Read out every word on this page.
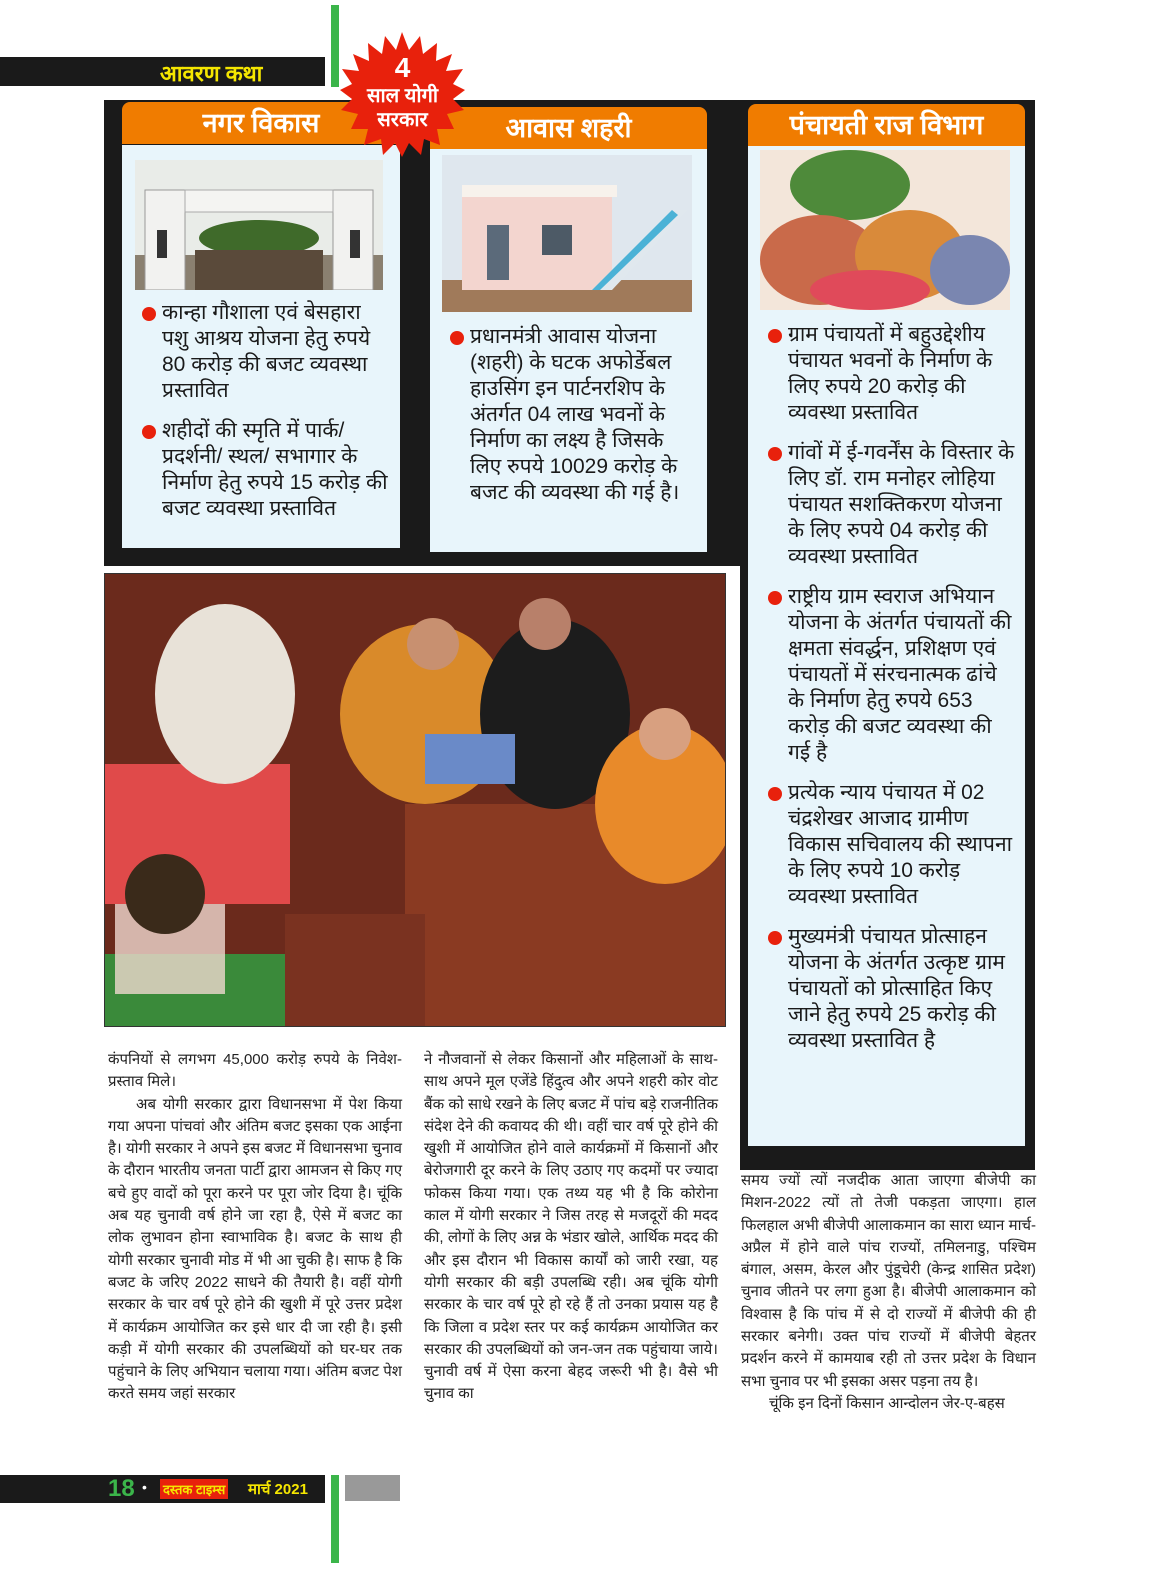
आवरण कथा
नगर विकास
कान्हा गौशाला एवं बेसहारा पशु आश्रय योजना हेतु रुपये 80 करोड़ की बजट व्यवस्था प्रस्तावित
शहीदों की स्मृति में पार्क/ प्रदर्शनी/ स्थल/ सभागार के निर्माण हेतु रुपये 15 करोड़ की बजट व्यवस्था प्रस्तावित
आवास शहरी
प्रधानमंत्री आवास योजना (शहरी) के घटक अफोर्डेबल हाउसिंग इन पार्टनरशिप के अंतर्गत 04 लाख भवनों के निर्माण का लक्ष्य है जिसके लिए रुपये 10029 करोड़ के बजट की व्यवस्था की गई है।
पंचायती राज विभाग
ग्राम पंचायतों में बहुउद्देशीय पंचायत भवनों के निर्माण के लिए रुपये 20 करोड़ की व्यवस्था प्रस्तावित
गांवों में ई-गवर्नेंस के विस्तार के लिए डॉ. राम मनोहर लोहिया पंचायत सशक्तिकरण योजना के लिए रुपये 04 करोड़ की व्यवस्था प्रस्तावित
राष्ट्रीय ग्राम स्वराज अभियान योजना के अंतर्गत पंचायतों की क्षमता संवर्द्धन, प्रशिक्षण एवं पंचायतों में संरचनात्मक ढांचे के निर्माण हेतु रुपये 653 करोड़ की बजट व्यवस्था की गई है
प्रत्येक न्याय पंचायत में 02 चंद्रशेखर आजाद ग्रामीण विकास सचिवालय की स्थापना के लिए रुपये 10 करोड़ व्यवस्था प्रस्तावित
मुख्यमंत्री पंचायत प्रोत्साहन योजना के अंतर्गत उत्कृष्ट ग्राम पंचायतों को प्रोत्साहित किए जाने हेतु रुपये 25 करोड़ की व्यवस्था प्रस्तावित है
4
साल योगी
सरकार

कंपनियों से लगभग 45,000 करोड़ रुपये के निवेश-प्रस्ताव मिले।

अब योगी सरकार द्वारा विधानसभा में पेश किया गया अपना पांचवां और अंतिम बजट इसका एक आईना है। योगी सरकार ने अपने इस बजट में विधानसभा चुनाव के दौरान भारतीय जनता पार्टी द्वारा आमजन से किए गए बचे हुए वादों को पूरा करने पर पूरा जोर दिया है। चूंकि अब यह चुनावी वर्ष होने जा रहा है, ऐसे में बजट का लोक लुभावन होना स्वाभाविक है। बजट के साथ ही योगी सरकार चुनावी मोड में भी आ चुकी है। साफ है कि बजट के जरिए 2022 साधने की तैयारी है। वहीं योगी सरकार के चार वर्ष पूरे होने की खुशी में पूरे उत्तर प्रदेश में कार्यक्रम आयोजित कर इसे धार दी जा रही है। इसी कड़ी में योगी सरकार की उपलब्धियों को घर-घर तक पहुंचाने के लिए अभियान चलाया गया। अंतिम बजट पेश करते समय जहां सरकार

ने नौजवानों से लेकर किसानों और महिलाओं के साथ-साथ अपने मूल एजेंडे हिंदुत्व और अपने शहरी कोर वोट बैंक को साधे रखने के लिए बजट में पांच बड़े राजनीतिक संदेश देने की कवायद की थी। वहीं चार वर्ष पूरे होने की खुशी में आयोजित होने वाले कार्यक्रमों में किसानों और बेरोजगारी दूर करने के लिए उठाए गए कदमों पर ज्यादा फोकस किया गया। एक तथ्य यह भी है कि कोरोना काल में योगी सरकार ने जिस तरह से मजदूरों की मदद की, लोगों के लिए अन्न के भंडार खोले, आर्थिक मदद की और इस दौरान भी विकास कार्यों को जारी रखा, यह योगी सरकार की बड़ी उपलब्धि रही। अब चूंकि योगी सरकार के चार वर्ष पूरे हो रहे हैं तो उनका प्रयास यह है कि जिला व प्रदेश स्तर पर कई कार्यक्रम आयोजित कर सरकार की उपलब्धियों को जन-जन तक पहुंचाया जाये। चुनावी वर्ष में ऐसा करना बेहद जरूरी भी है। वैसे भी चुनाव का

समय ज्यों त्यों नजदीक आता जाएगा बीजेपी का मिशन-2022 त्यों तो तेजी पकड़ता जाएगा। हाल फिलहाल अभी बीजेपी आलाकमान का सारा ध्यान मार्च-अप्रैल में होने वाले पांच राज्यों, तमिलनाडु, पश्चिम बंगाल, असम, केरल और पुंडूचेरी (केन्द्र शासित प्रदेश) चुनाव जीतने पर लगा हुआ है। बीजेपी आलाकमान को विश्वास है कि पांच में से दो राज्यों में बीजेपी की ही सरकार बनेगी। उक्त पांच राज्यों में बीजेपी बेहतर प्रदर्शन करने में कामयाब रही तो उत्तर प्रदेश के विधान सभा चुनाव पर भी इसका असर पड़ना तय है।

चूंकि इन दिनों किसान आन्दोलन जेर-ए-बहस

18 • दस्तक टाइम्स मार्च 2021
